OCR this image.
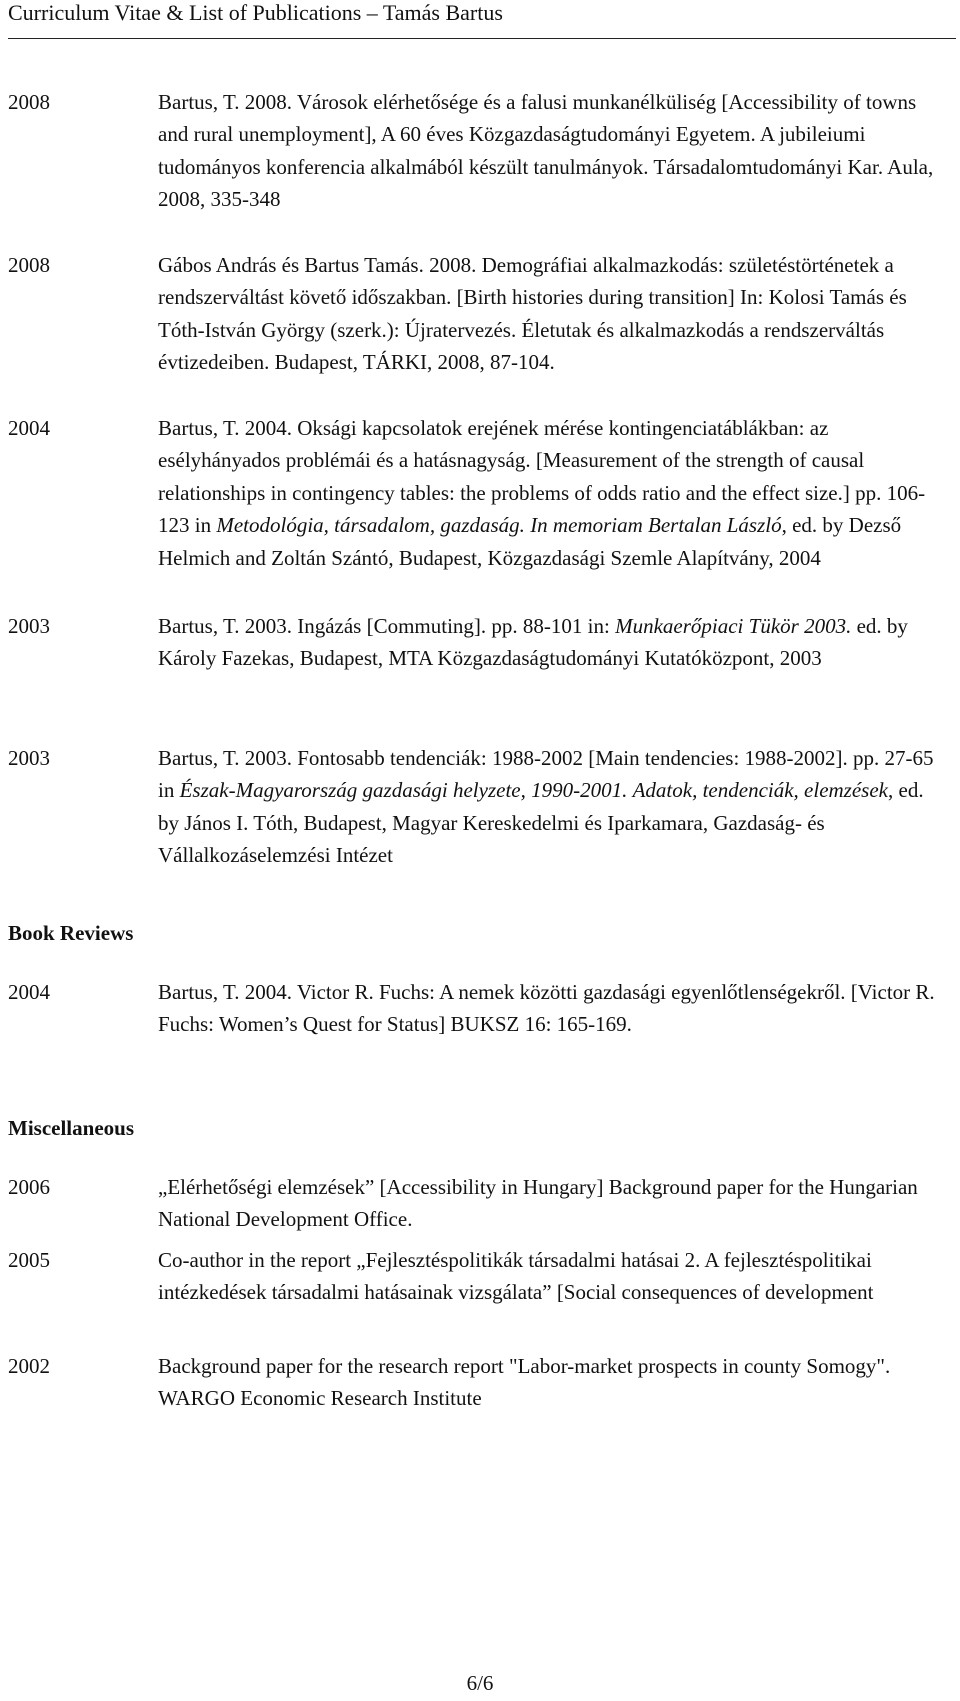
Curriculum Vitae & List of Publications – Tamás Bartus
2008	Bartus, T. 2008. Városok elérhetősége és a falusi munkanélküliség [Accessibility of towns and rural unemployment], A 60 éves Közgazdaságtudományi Egyetem. A jubileiumi tudományos konferencia alkalmából készült tanulmányok. Társadalomtudományi Kar. Aula, 2008, 335-348
2008	Gábos András és Bartus Tamás. 2008. Demográfiai alkalmazkodás: születéstörténetek a rendszerváltást követő időszakban. [Birth histories during transition] In: Kolosi Tamás és Tóth-István György (szerk.): Újratervezés. Életutak és alkalmazkodás a rendszerváltás évtizedeiben. Budapest, TÁRKI, 2008, 87-104.
2004	Bartus, T. 2004. Oksági kapcsolatok erejének mérése kontingenciatáblákban: az esélyhányados problémái és a hatásnagyság. [Measurement of the strength of causal relationships in contingency tables: the problems of odds ratio and the effect size.] pp. 106-123 in Metodológia, társadalom, gazdaság. In memoriam Bertalan László, ed. by Dezső Helmich and Zoltán Szántó, Budapest, Közgazdasági Szemle Alapítvány, 2004
2003	Bartus, T. 2003. Ingázás [Commuting]. pp. 88-101 in: Munkaerőpiaci Tükör 2003. ed. by Károly Fazekas, Budapest, MTA Közgazdaságtudományi Kutatóközpont, 2003
2003	Bartus, T. 2003. Fontosabb tendenciák: 1988-2002 [Main tendencies: 1988-2002]. pp. 27-65 in Észak-Magyarország gazdasági helyzete, 1990-2001. Adatok, tendenciák, elemzések, ed. by János I. Tóth, Budapest, Magyar Kereskedelmi és Iparkamara, Gazdaság- és Vállalkozáselemzési Intézet
Book Reviews
2004	Bartus, T. 2004. Victor R. Fuchs: A nemek közötti gazdasági egyenlőtlenségekről. [Victor R. Fuchs: Women’s Quest for Status] BUKSZ 16: 165-169.
Miscellaneous
2006	„Elérhetőségi elemzések” [Accessibility in Hungary] Background paper for the Hungarian National Development Office.
2005	Co-author in the report „Fejlesztéspolitikák társadalmi hatásai 2. A fejlesztéspolitikai intézkedések társadalmi hatásainak vizsgálata” [Social consequences of development
2002	Background paper for the research report "Labor-market prospects in county Somogy". WARGO Economic Research Institute
6/6
